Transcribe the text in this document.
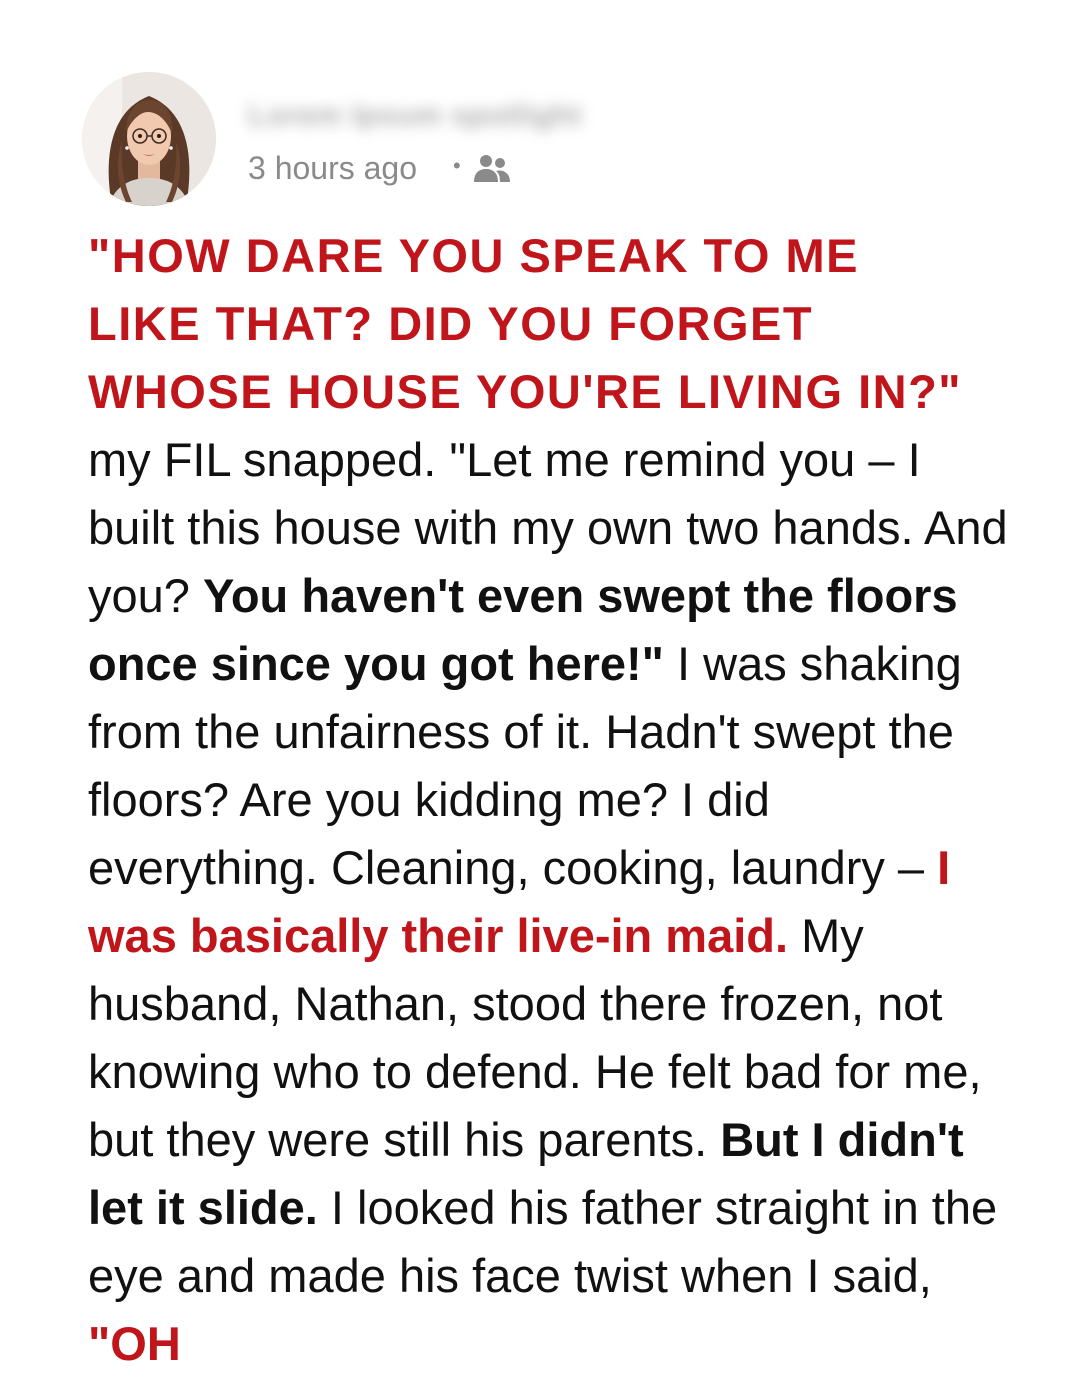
Lorem Ipsum spotlight
3 hours ago •

"HOW DARE YOU SPEAK TO ME
LIKE THAT? DID YOU FORGET
WHOSE HOUSE YOU'RE LIVING IN?"

my FIL snapped. "Let me remind you – I built this house with my own two hands. And you? You haven't even swept the floors once since you got here!" I was shaking from the unfairness of it. Hadn't swept the floors? Are you kidding me? I did everything. Cleaning, cooking, laundry – I was basically their live-in maid. My husband, Nathan, stood there frozen, not knowing who to defend. He felt bad for me, but they were still his parents. But I didn't let it slide. I looked his father straight in the eye and made his face twist when I said, "OH
